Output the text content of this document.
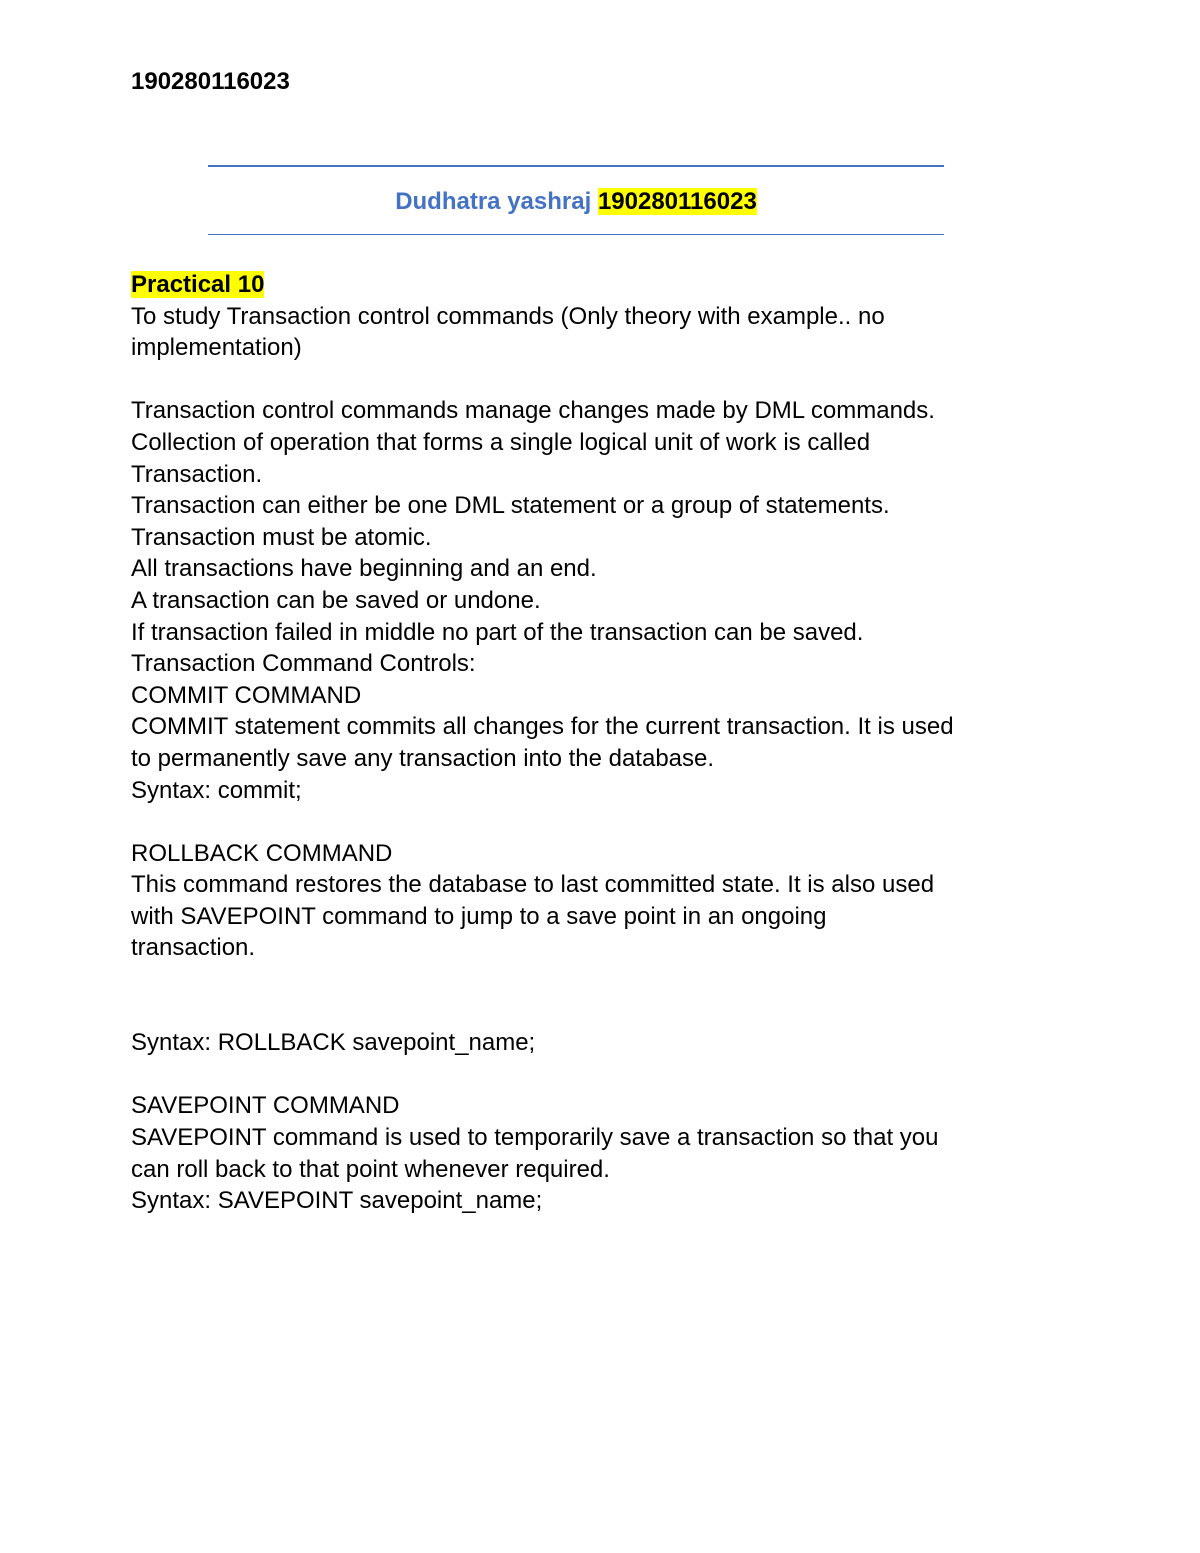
190280116023
Dudhatra yashraj 190280116023

Practical 10

To study Transaction control commands (Only theory with example.. no

implementation)

Transaction control commands manage changes made by DML commands.

Collection of operation that forms a single logical unit of work is called

Transaction.

Transaction can either be one DML statement or a group of statements.

Transaction must be atomic.

All transactions have beginning and an end.

A transaction can be saved or undone.

If transaction failed in middle no part of the transaction can be saved.

Transaction Command Controls:

COMMIT COMMAND

COMMIT statement commits all changes for the current transaction. It is used

to permanently save any transaction into the database.

Syntax: commit;

ROLLBACK COMMAND

This command restores the database to last committed state. It is also used

with SAVEPOINT command to jump to a save point in an ongoing

transaction.

Syntax: ROLLBACK savepoint_name;

SAVEPOINT COMMAND

SAVEPOINT command is used to temporarily save a transaction so that you

can roll back to that point whenever required.

Syntax: SAVEPOINT savepoint_name;
